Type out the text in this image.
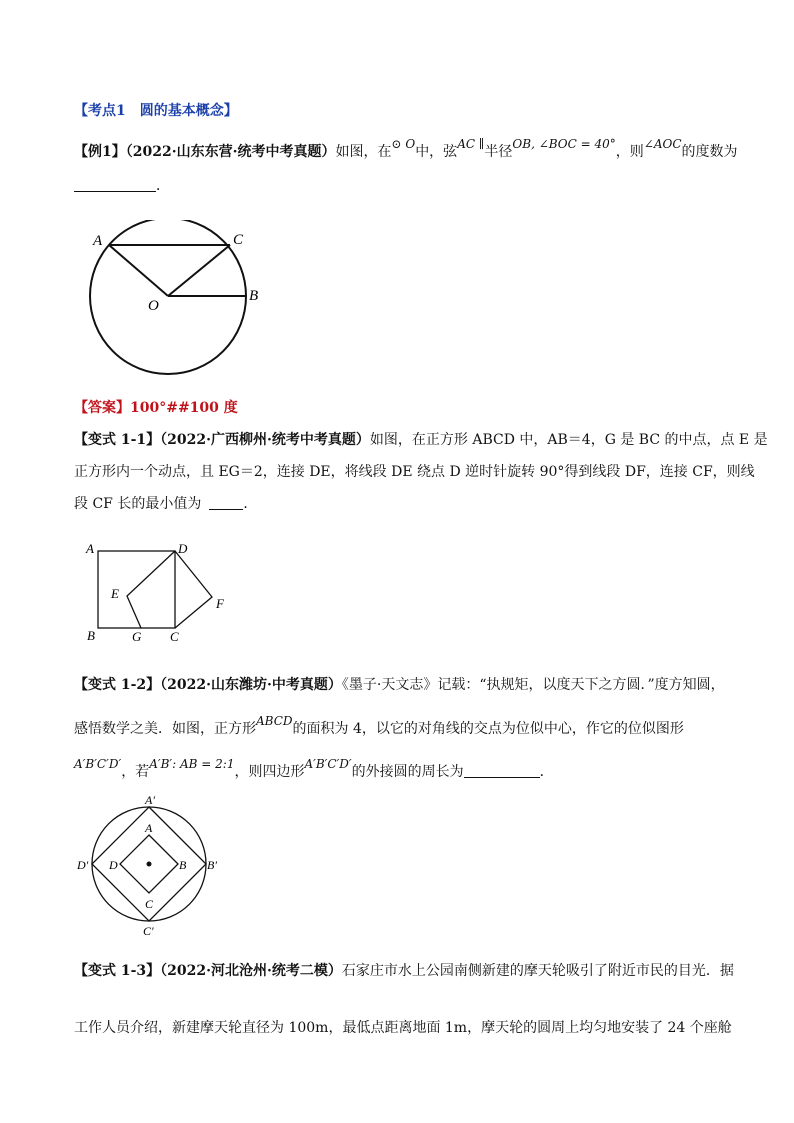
【考点1　圆的基本概念】
【例1】（2022·山东东营·统考中考真题）如图，在⊙ O中，弦AC ∥半径OB, ∠BOC = 40°，则∠AOC的度数为
．
A	C
O
B
【答案】100°##100 度
【变式 1-1】（2022·广西柳州·统考中考真题）如图，在正方形 ABCD 中，AB＝4，G 是 BC 的中点，点 E 是
正方形内一个动点，且 EG＝2，连接 DE，将线段 DE 绕点 D 逆时针旋转 90°得到线段 DF，连接 CF，则线
段 CF 长的最小值为	．
A	D
E
F
B	G C
【变式 1-2】（2022·山东潍坊·中考真题）《墨子·天文志》记载：“执规矩，以度天下之方圆．”度方知圆，
感悟数学之美．如图，正方形ABCD的面积为 4，以它的对角线的交点为位似中心，作它的位似图形
A′B′C′D′，若A′B′: AB = 2:1，则四边形A′B′C′D′的外接圆的周长为	．
A′
A
D′ D	B B′
C
C′
【变式 1-3】（2022·河北沧州·统考二模）石家庄市水上公园南侧新建的摩天轮吸引了附近市民的目光．据
工作人员介绍，新建摩天轮直径为 100m，最低点距离地面 1m，摩天轮的圆周上均匀地安装了 24 个座舱
